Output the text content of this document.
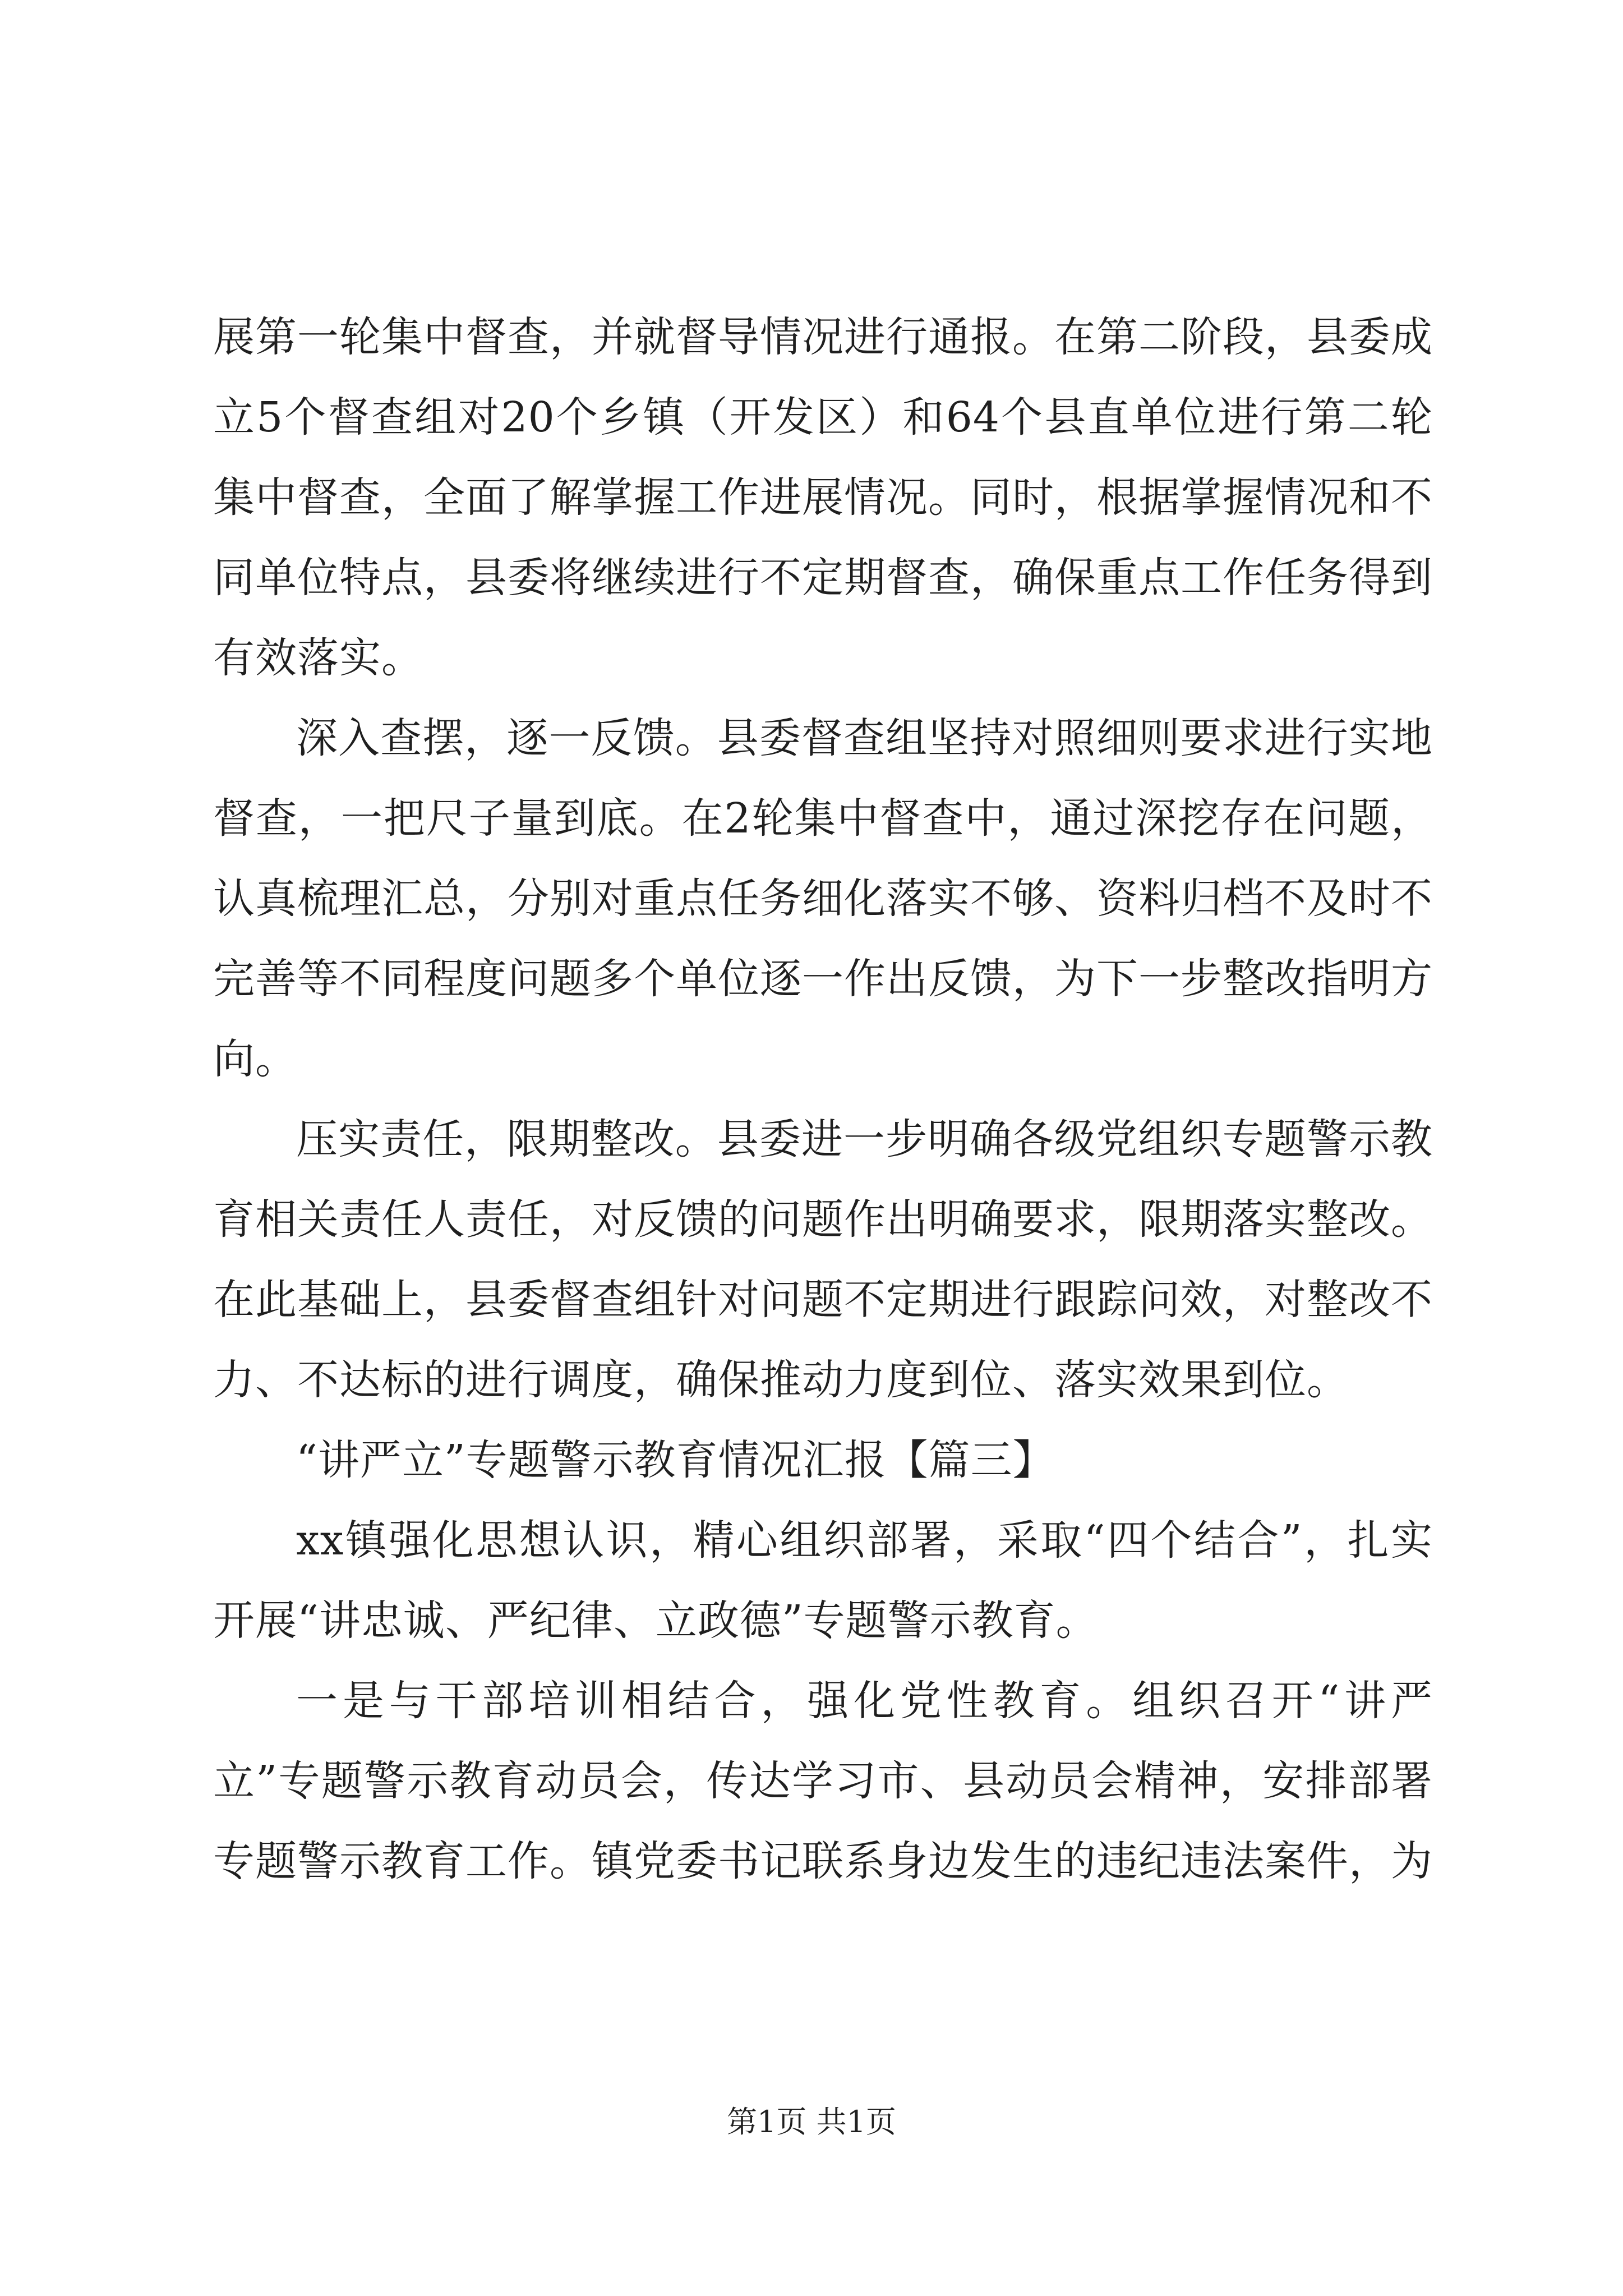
展第一轮集中督查，并就督导情况进行通报。在第二阶段，县委成立5个督查组对20个乡镇（开发区）和64个县直单位进行第二轮集中督查，全面了解掌握工作进展情况。同时，根据掌握情况和不同单位特点，县委将继续进行不定期督查，确保重点工作任务得到有效落实。

深入查摆，逐一反馈。县委督查组坚持对照细则要求进行实地督查，一把尺子量到底。在2轮集中督查中，通过深挖存在问题，认真梳理汇总，分别对重点任务细化落实不够、资料归档不及时不完善等不同程度问题多个单位逐一作出反馈，为下一步整改指明方向。

压实责任，限期整改。县委进一步明确各级党组织专题警示教育相关责任人责任，对反馈的问题作出明确要求，限期落实整改。在此基础上，县委督查组针对问题不定期进行跟踪问效，对整改不力、不达标的进行调度，确保推动力度到位、落实效果到位。

“讲严立”专题警示教育情况汇报【篇三】

xx镇强化思想认识，精心组织部署，采取“四个结合”，扎实开展“讲忠诚、严纪律、立政德”专题警示教育。

一是与干部培训相结合，强化党性教育。组织召开“讲严立”专题警示教育动员会，传达学习市、县动员会精神，安排部署专题警示教育工作。镇党委书记联系身边发生的违纪违法案件，为

第1页 共1页
